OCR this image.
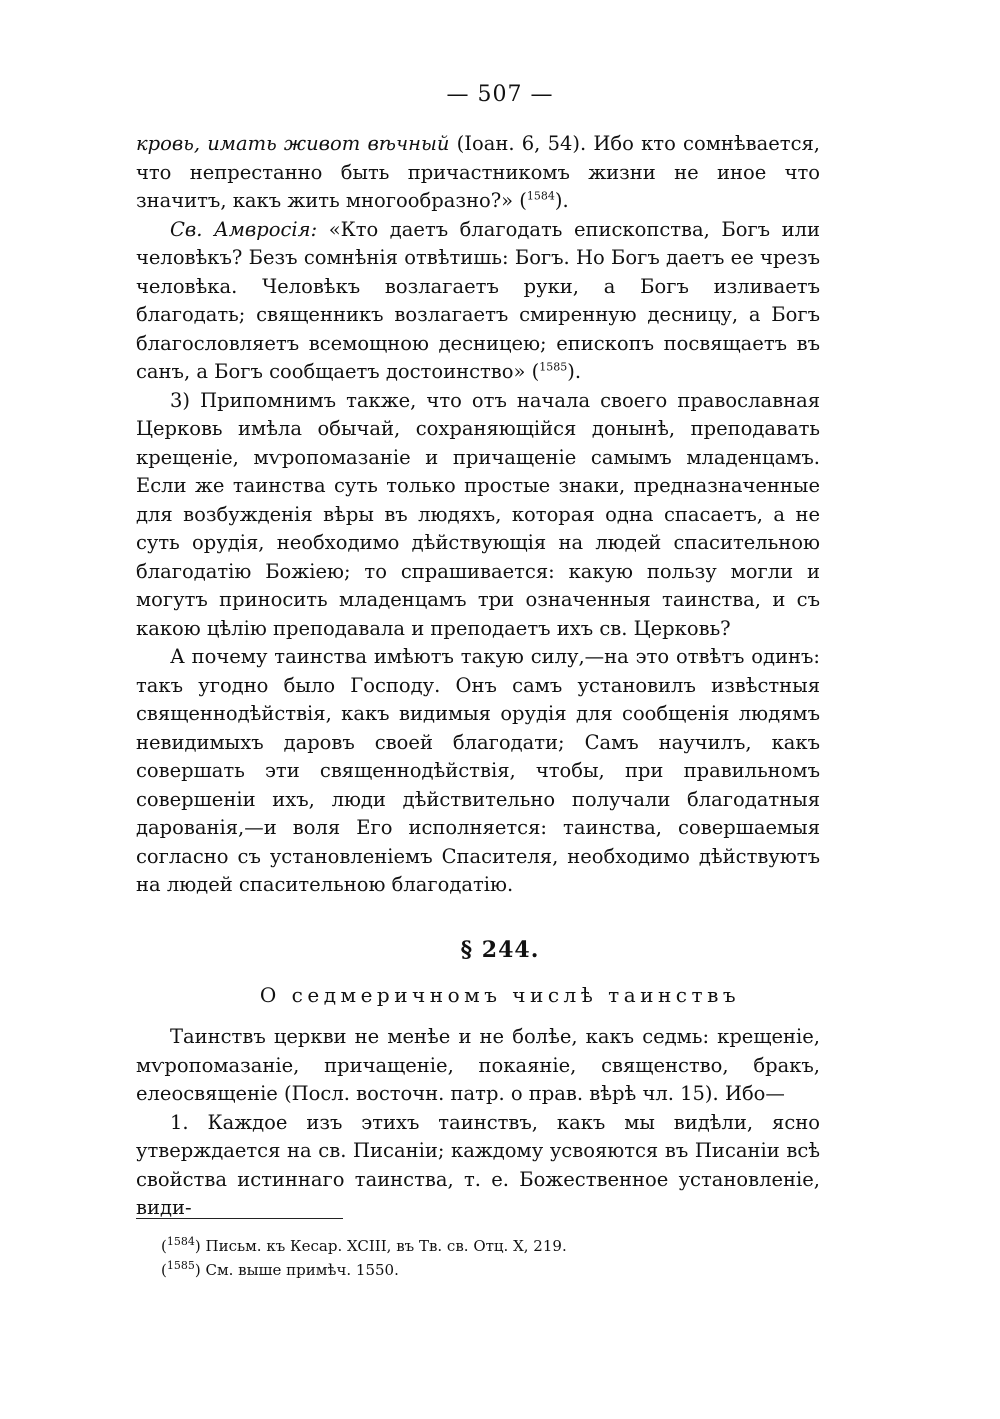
— 507 —

кровь, имать живот вѣчный (Іоан. 6, 54). Ибо кто сомнѣвается, что непрестанно быть причастникомъ жизни не иное что значитъ, какъ жить многообразно?» ($^{1584}$).

Св. Амвросія: «Кто даетъ благодать епископства, Богъ или человѣкъ? Безъ сомнѣнія отвѣтишь: Богъ. Но Богъ даетъ ее чрезъ человѣка. Человѣкъ возлагаетъ руки, а Богъ изливаетъ благодать; священникъ возлагаетъ смиренную десницу, а Богъ благословляетъ всемощною десницею; епископъ посвящаетъ въ санъ, а Богъ сообщаетъ достоинство» ($^{1585}$).

3) Припомнимъ также, что отъ начала своего православная Церковь имѣла обычай, сохраняющійся донынѣ, преподавать крещеніе, мѵропомазаніе и причащеніе самымъ младенцамъ. Если же таинства суть только простые знаки, предназначенные для возбужденія вѣры въ людяхъ, которая одна спасаетъ, а не суть орудія, необходимо дѣйствующія на людей спасительною благодатію Божіею; то спрашивается: какую пользу могли и могутъ приносить младенцамъ три означенныя таинства, и съ какою цѣлію преподавала и преподаетъ ихъ св. Церковь?

А почему таинства имѣютъ такую силу,—на это отвѣтъ одинъ: такъ угодно было Господу. Онъ самъ установилъ извѣстныя священнодѣйствія, какъ видимыя орудія для сообщенія людямъ невидимыхъ даровъ своей благодати; Самъ научилъ, какъ совершать эти священнодѣйствія, чтобы, при правильномъ совершеніи ихъ, люди дѣйствительно получали благодатныя дарованія,—и воля Его исполняется: таинства, совершаемыя согласно съ установленіемъ Спасителя, необходимо дѣйствуютъ на людей спасительною благодатію.

§ 244.
О седмеричномъ числѣ таинствъ

Таинствъ церкви не менѣе и не болѣе, какъ седмь: крещеніе, мѵропомазаніе, причащеніе, покаяніе, священство, бракъ, елеосвященіе (Посл. восточн. патр. о прав. вѣрѣ чл. 15). Ибо—

1. Каждое изъ этихъ таинствъ, какъ мы видѣли, ясно утверждается на св. Писаніи; каждому усвояются въ Писаніи всѣ свойства истиннаго таинства, т. е. Божественное установленіе, види-

($^{1584}$) Письм. къ Кесар. XCIII, въ Тв. св. Отц. X, 219.
($^{1585}$) См. выше примѣч. 1550.
